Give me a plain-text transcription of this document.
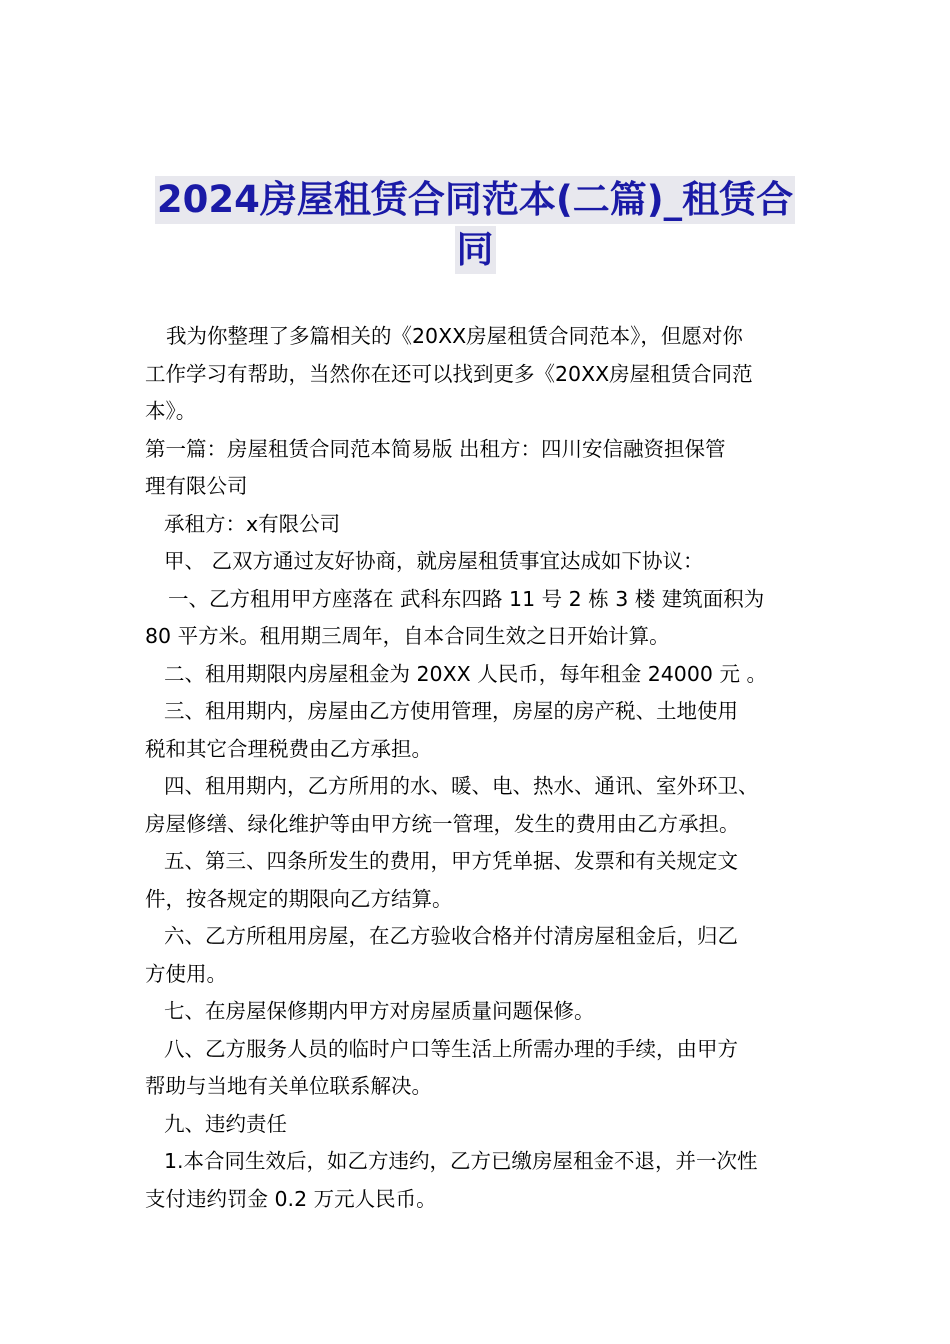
2024房屋租赁合同范本(二篇)_租赁合
同
我为你整理了多篇相关的《20XX房屋租赁合同范本》，但愿对你
工作学习有帮助，当然你在还可以找到更多《20XX房屋租赁合同范
本》。
第一篇：房屋租赁合同范本简易版 出租方：四川安信融资担保管
理有限公司
承租方：x有限公司
甲、 乙双方通过友好协商，就房屋租赁事宜达成如下协议：
一、乙方租用甲方座落在 武科东四路 11 号 2 栋 3 楼 建筑面积为
80 平方米。租用期三周年，自本合同生效之日开始计算。
二、租用期限内房屋租金为 20XX 人民币，每年租金 24000 元 。
三、租用期内，房屋由乙方使用管理，房屋的房产税、土地使用
税和其它合理税费由乙方承担。
四、租用期内，乙方所用的水、暖、电、热水、通讯、室外环卫、
房屋修缮、绿化维护等由甲方统一管理，发生的费用由乙方承担。
五、第三、四条所发生的费用，甲方凭单据、发票和有关规定文
件，按各规定的期限向乙方结算。
六、乙方所租用房屋，在乙方验收合格并付清房屋租金后，归乙
方使用。
七、在房屋保修期内甲方对房屋质量问题保修。
八、乙方服务人员的临时户口等生活上所需办理的手续，由甲方
帮助与当地有关单位联系解决。
九、违约责任
1.本合同生效后，如乙方违约，乙方已缴房屋租金不退，并一次性
支付违约罚金 0.2 万元人民币。
